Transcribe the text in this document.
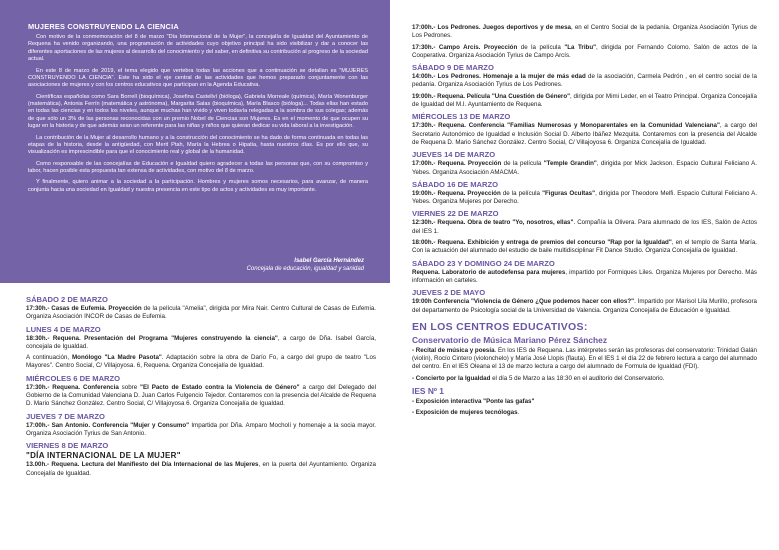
MUJERES CONSTRUYENDO LA CIENCIA
Con motivo de la conmemoración del 8 de marzo "Día Internacional de la Mujer", la concejalía de Igualdad del Ayuntamiento de Requena ha venido organizando, una programación de actividades cuyo objetivo principal ha sido visibilizar y dar a conocer las diferentes aportaciones de las mujeres al desarrollo del conocimiento y del saber, en definitiva su contribución al progreso de la sociedad actual.
En este 8 de marzo de 2019, el tema elegido que vertebra todas las acciones que a continuación se detallan es "MUJERES CONSTRUYENDO LA CIENCIA". Este ha sido el eje central de las actividades que hemos preparado conjuntamente con las asociaciones de mujeres y con los centros educativos que participan en la Agenda Educativa.
Científicas españolas como Sara Borrell (bioquímica), Josefina Castellví (bióloga), Gabriela Morreale (química), María Wonenburger (matemática), Antonia Ferrín (matemática y astrónoma), Margarita Salas (bioquímica), María Blasco (bióloga)... Todas ellas han estado en todas las ciencias y en todos los niveles, aunque muchas han vivido y viven todavía relegadas a la sombra de sus colegas; además de que sólo un 3% de las personas reconocidas con un premio Nobel de Ciencias son Mujeres. Es en el momento de que ocupen su lugar en la historia y de que además sean un referente para las niñas y niños que quieran dedicar su vida laboral a la investigación.
La contribución de la Mujer al desarrollo humano y a la construcción del conocimiento se ha dado de forma continuada en todas las etapas de la historia, desde la antigüedad, con Merit Ptah, María la Hebrea o Hipatia, hasta nuestros días. Es por ello que, su visualización es imprescindible para que el conocimiento real y global de la humanidad.
Como responsable de las concejalías de Educación e Igualdad quiero agradecer a todas las personas que, con su compromiso y labor, hacen posible esta propuesta tan extensa de actividades, con motivo del 8 de marzo.
Y finalmente, quiero animar a la sociedad a la participación. Hombres y mujeres somos necesarios, para avanzar, de manera conjunta hacia una sociedad en Igualdad y nuestra presencia en este tipo de actos y actividades es muy importante.
Isabel García Hernández
Concejala de educación, igualdad y sanidad
SÁBADO 2 DE MARZO
17:30h.- Casas de Eufemia. Proyección de la película "Amelia", dirigida por Mira Nair. Centro Cultural de Casas de Eufemia. Organiza Asociación INCOR de Casas de Eufemia.
LUNES 4 DE MARZO
18:30h.- Requena. Presentación del Programa "Mujeres construyendo la ciencia", a cargo de Dña. Isabel García, concejala de Igualdad.
A continuación, Monólogo "La Madre Pasota". Adaptación sobre la obra de Darío Fo, a cargo del grupo de teatro "Los Mayores". Centro Social, C/ Villajoyosa. 6, Requena. Organiza Concejalía de Igualdad.
MIÉRCOLES 6 DE MARZO
17:30h.- Requena. Conferencia sobre "El Pacto de Estado contra la Violencia de Género" a cargo del Delegado del Gobierno de la Comunidad Valenciana D. Juan Carlos Fulgencio Tejedor. Contaremos con la presencia del Alcalde de Requena D. Mario Sánchez González. Centro Social, C/ Villajoyosa 6. Organiza Concejalía de Igualdad.
JUEVES 7 DE MARZO
17:00h.- San Antonio. Conferencia "Mujer y Consumo" Impartida por Dña. Amparo Mocholí y homenaje a la socia mayor. Organiza Asociación Tyrius de San Antonio.
VIERNES 8 DE MARZO
"DÍA INTERNACIONAL DE LA MUJER"
13.00h.- Requena. Lectura del Manifiesto del Día Internacional de las Mujeres, en la puerta del Ayuntamiento. Organiza Concejalía de Igualdad.
17:00h.- Los Pedrones. Juegos deportivos y de mesa, en el Centro Social de la pedanía. Organiza Asociación Tyrius de Los Pedrones.
17:30h.- Campo Arcís. Proyección de la película "La Tribu", dirigida por Fernando Colomo. Salón de actos de la Cooperativa. Organiza Asociación Tyrius de Campo Arcís.
SÁBADO 9 DE MARZO
14:00h.- Los Pedrones. Homenaje a la mujer de más edad de la asociación, Carmela Pedrón , en el centro social de la pedanía. Organiza Asociación Tyrius de Los Pedrones.
19:00h.- Requena. Película "Una Cuestión de Género", dirigida por Mimi Leder, en el Teatro Principal. Organiza Concejalía de Igualdad del M.I. Ayuntamiento de Requena.
MIÉRCOLES 13 DE MARZO
17:30h.- Requena. Conferencia "Familias Numerosas y Monoparentales en la Comunidad Valenciana", a cargo del Secretario Autonómico de Igualdad e Inclusión Social D. Alberto Ibáñez Mezquita. Contaremos con la presencia del Alcalde de Requena D. Mario Sánchez González. Centro Social, C/ Villajoyosa 6. Organiza Concejalía de Igualdad.
JUEVES 14 DE MARZO
17:00h.- Requena. Proyección de la película "Temple Grandin", dirigida por Mick Jackson. Espacio Cultural Feliciano A. Yebes. Organiza Asociación AMACMA.
SÁBADO 16 DE MARZO
19:00h.- Requena. Proyección de la película "Figuras Ocultas", dirigida por Theodore Melfi. Espacio Cultural Feliciano A. Yebes. Organiza Mujeres por Derecho.
VIERNES 22 DE MARZO
12:30h.- Requena. Obra de teatro "Yo, nosotros, ellas". Compañía la Olivera. Para alumnado de los IES, Salón de Actos del IES 1.
18:00h.- Requena. Exhibición y entrega de premios del concurso "Rap por la Igualdad", en el templo de Santa María. Con la actuación del alumnado del estudio de baile multidisciplinar Fit Dance Studio. Organiza Concejalía de Igualdad.
SÁBADO 23 Y DOMINGO 24 DE MARZO
Requena. Laboratorio de autodefensa para mujeres, impartido por Formiques Liles. Organiza Mujeres por Derecho. Más información en carteles.
JUEVES 2 DE MAYO
19:00h Conferencia "Violencia de Género ¿Que podemos hacer con ellos?". Impartido por Marisol Lila Murillo, profesora del departamento de Psicología social de la Universidad de Valencia. Organiza Concejalía de Educación e Igualdad.
EN LOS CENTROS EDUCATIVOS:
Conservatorio de Música Mariano Pérez Sánchez
- Recital de música y poesía. En los IES de Requena. Las intérpretes serán las profesoras del conservatorio: Trinidad Galán (violín), Rocío Cintero (violonchelo) y María José Llopis (flauta). En el IES 1 el día 22 de febrero lectura a cargo del alumnado del centro. En el IES Oleana el 13 de marzo lectura a cargo del alumnado de Formula de Igualdad (FDI).
- Concierto por la Igualdad el día 5 de Marzo a las 18:30 en el auditorio del Conservatorio.
IES Nº 1
- Exposición interactiva "Ponte las gafas"
- Exposición de mujeres tecnólogas.
